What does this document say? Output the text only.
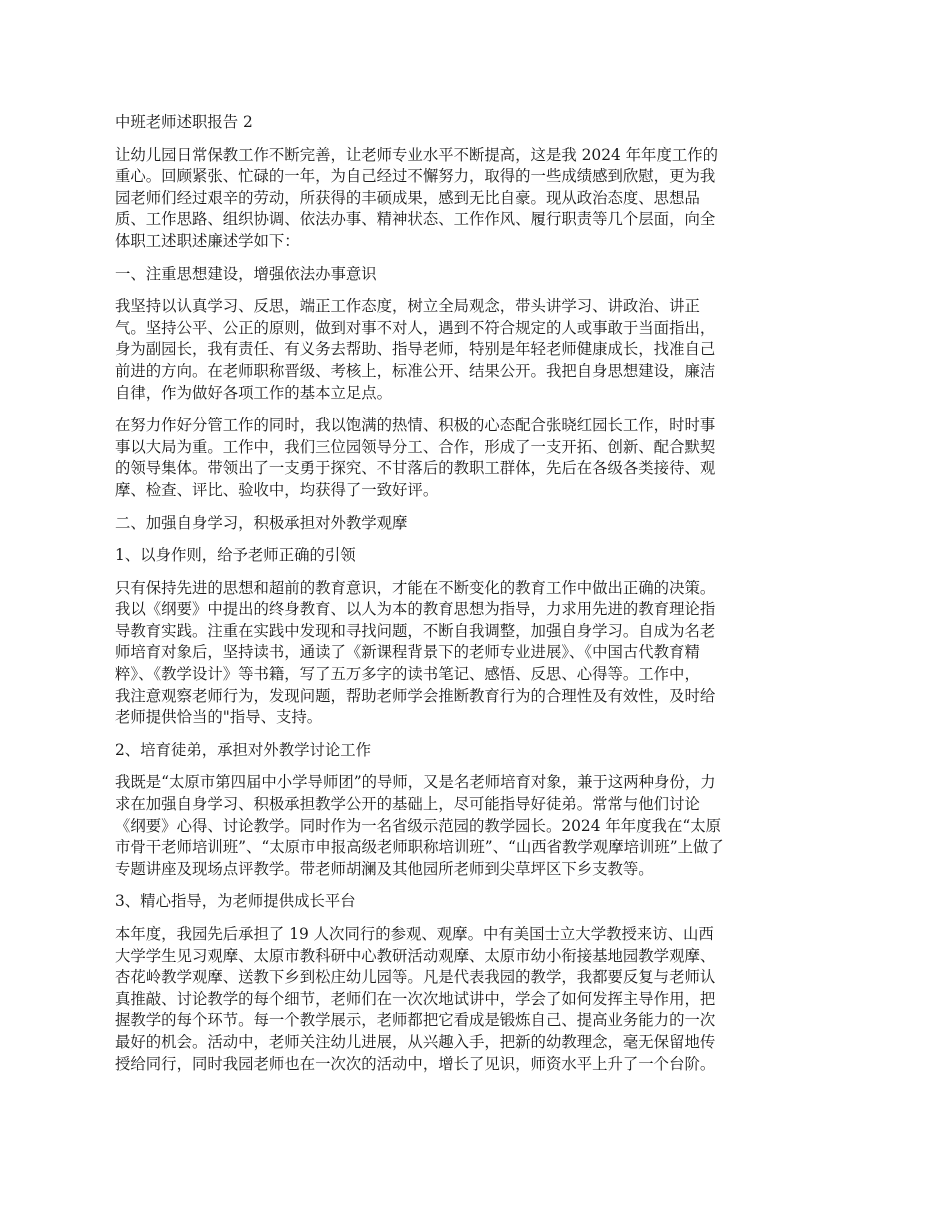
中班老师述职报告 2

让幼儿园日常保教工作不断完善，让老师专业水平不断提高，这是我 2024 年年度工作的

重心。回顾紧张、忙碌的一年，为自己经过不懈努力，取得的一些成绩感到欣慰，更为我

园老师们经过艰辛的劳动，所获得的丰硕成果，感到无比自豪。现从政治态度、思想品

质、工作思路、组织协调、依法办事、精神状态、工作作风、履行职责等几个层面，向全

体职工述职述廉述学如下：

一、注重思想建设，增强依法办事意识

我坚持以认真学习、反思，端正工作态度，树立全局观念，带头讲学习、讲政治、讲正

气。坚持公平、公正的原则，做到对事不对人，遇到不符合规定的人或事敢于当面指出，

身为副园长，我有责任、有义务去帮助、指导老师，特别是年轻老师健康成长，找准自己

前进的方向。在老师职称晋级、考核上，标准公开、结果公开。我把自身思想建设，廉洁

自律，作为做好各项工作的基本立足点。

在努力作好分管工作的同时，我以饱满的热情、积极的心态配合张晓红园长工作，时时事

事以大局为重。工作中，我们三位园领导分工、合作，形成了一支开拓、创新、配合默契

的领导集体。带领出了一支勇于探究、不甘落后的教职工群体，先后在各级各类接待、观

摩、检查、评比、验收中，均获得了一致好评。

二、加强自身学习，积极承担对外教学观摩

1、以身作则，给予老师正确的引领

只有保持先进的思想和超前的教育意识，才能在不断变化的教育工作中做出正确的决策。

我以《纲要》中提出的终身教育、以人为本的教育思想为指导，力求用先进的教育理论指

导教育实践。注重在实践中发现和寻找问题，不断自我调整，加强自身学习。自成为名老

师培育对象后，坚持读书，通读了《新课程背景下的老师专业进展》、《中国古代教育精

粹》、《教学设计》等书籍，写了五万多字的读书笔记、感悟、反思、心得等。工作中，

我注意观察老师行为，发现问题，帮助老师学会推断教育行为的合理性及有效性，及时给

老师提供恰当的"指导、支持。

2、培育徒弟，承担对外教学讨论工作

我既是“太原市第四届中小学导师团”的导师，又是名老师培育对象，兼于这两种身份，力

求在加强自身学习、积极承担教学公开的基础上，尽可能指导好徒弟。常常与他们讨论

《纲要》心得、讨论教学。同时作为一名省级示范园的教学园长。2024 年年度我在“太原

市骨干老师培训班”、“太原市申报高级老师职称培训班”、“山西省教学观摩培训班”上做了

专题讲座及现场点评教学。带老师胡澜及其他园所老师到尖草坪区下乡支教等。

3、精心指导，为老师提供成长平台

本年度，我园先后承担了 19 人次同行的参观、观摩。中有美国士立大学教授来访、山西

大学学生见习观摩、太原市教科研中心教研活动观摩、太原市幼小衔接基地园教学观摩、

杏花岭教学观摩、送教下乡到松庄幼儿园等。凡是代表我园的教学，我都要反复与老师认

真推敲、讨论教学的每个细节，老师们在一次次地试讲中，学会了如何发挥主导作用，把

握教学的每个环节。每一个教学展示，老师都把它看成是锻炼自己、提高业务能力的一次

最好的机会。活动中，老师关注幼儿进展，从兴趣入手，把新的幼教理念，毫无保留地传

授给同行，同时我园老师也在一次次的活动中，增长了见识，师资水平上升了一个台阶。
